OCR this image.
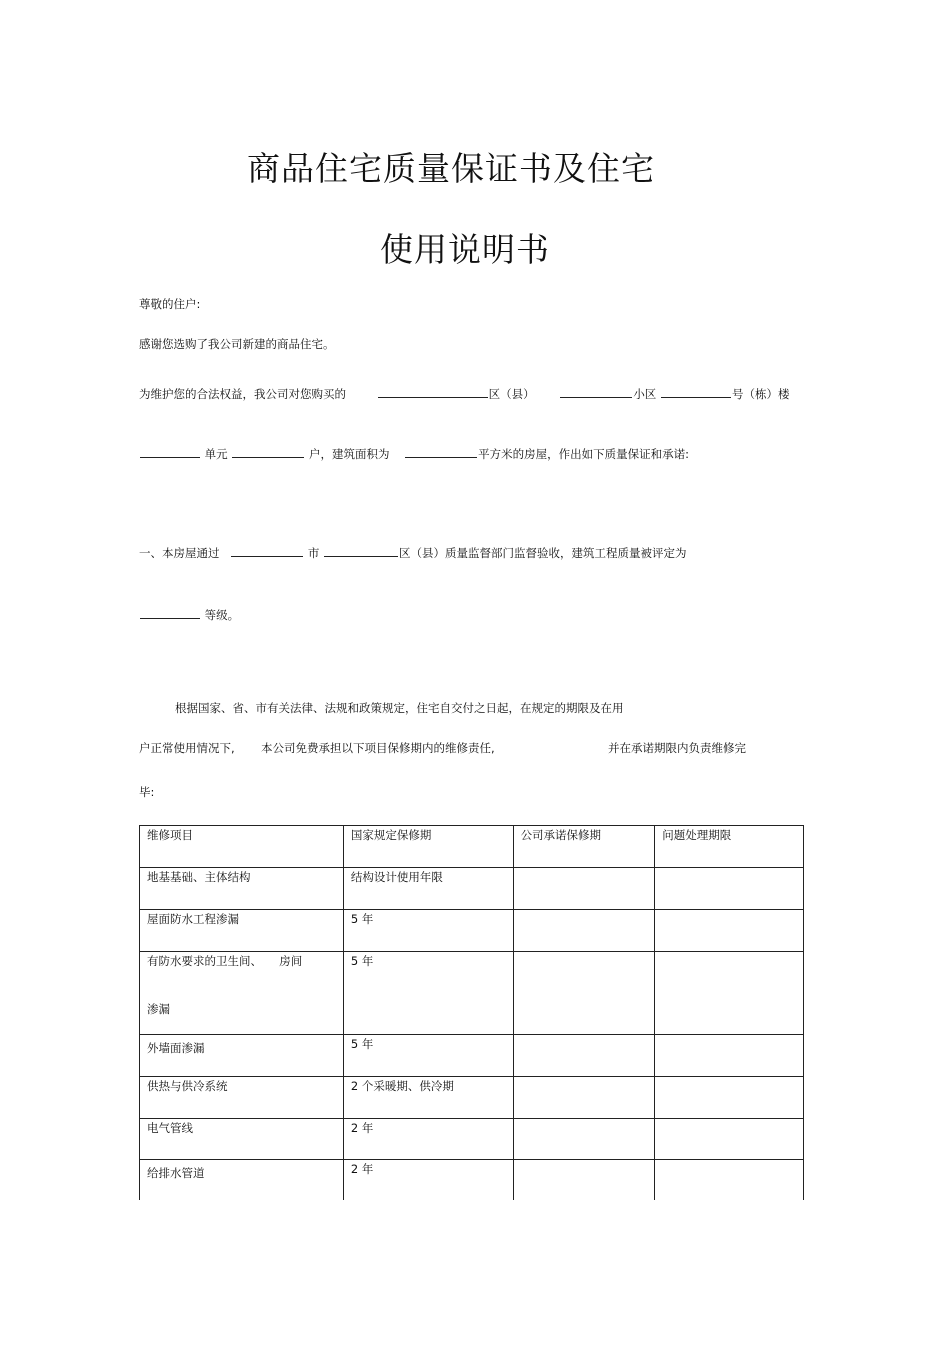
商品住宅质量保证书及住宅
使用说明书
尊敬的住户:
感谢您选购了我公司新建的商品住宅。
为维护您的合法权益，我公司对您购买的	区（县）	小区	号（栋）楼
单元	户，建筑面积为	平方米的房屋，作出如下质量保证和承诺:
一、本房屋通过	市	区（县）质量监督部门监督验收，建筑工程质量被评定为
等级。
根据国家、省、市有关法律、法规和政策规定，住宅自交付之日起，在规定的期限及在用
户正常使用情况下, 本公司免费承担以下项目保修期内的维修责任,	并在承诺期限内负责维修完
毕:
维修项目	国家规定保修期	公司承诺保修期	问题处理期限

地基基础、主体结构	结构设计使用年限		

屋面防水工程渗漏	5 年		

有防水要求的卫生间、　　房间
渗漏	5 年		

外墙面渗漏	5 年		

供热与供冷系统	2 个采暖期、供冷期		

电气管线	2 年		

给排水管道	2 年		
